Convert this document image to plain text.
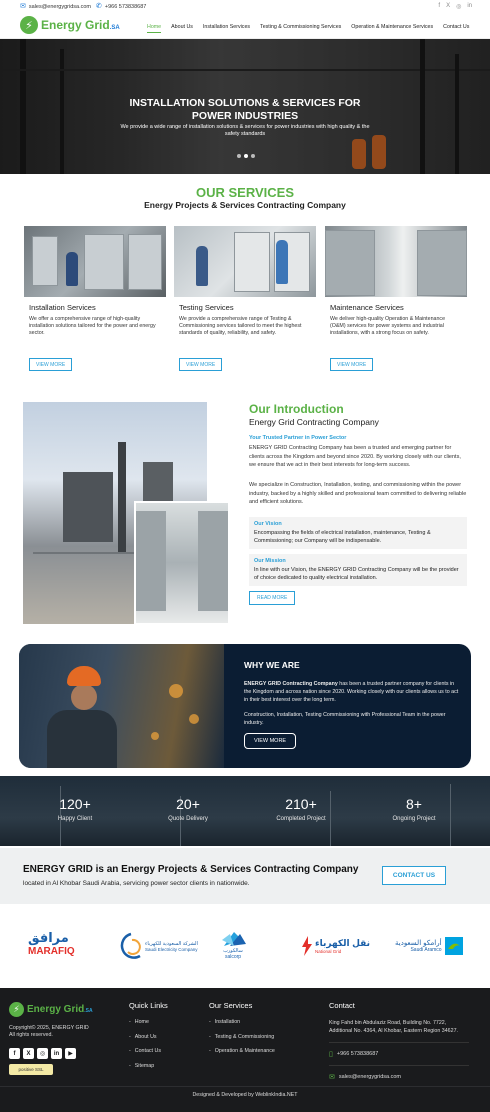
✉ sales@energygridsa.com ✆ +966 573838687	f X ◎ in
⚡ Energy Grid.SA	Home About Us Installation Services Testing & Commissioning Services Operation & Maintenance Services Contact Us
INSTALLATION SOLUTIONS & SERVICES FOR
POWER INDUSTRIES
We provide a wide range of installation solutions & services for power industries with high quality & the safety standards
OUR SERVICES
Energy Projects & Services Contracting Company
Installation Services
We offer a comprehensive range of high-quality installation solutions tailored for the power and energy sector.
VIEW MORE
Testing Services
We provide a comprehensive range of Testing & Commissioning services tailored to meet the highest standards of quality, reliability, and safety.
VIEW MORE
Maintenance Services
We deliver high-quality Operation & Maintenance (O&M) services for power systems and industrial installations, with a strong focus on safety.
VIEW MORE
Our Introduction
Energy Grid Contracting Company
Your Trusted Partner in Power Sector
ENERGY GRID Contracting Company has been a trusted and emerging partner for clients across the Kingdom and beyond since 2020. By working closely with our clients, we ensure that we act in their best interests for long-term success.
We specialize in Construction, Installation, testing, and commissioning within the power industry, backed by a highly skilled and professional team committed to delivering reliable and efficient solutions.
Our Vision
Encompassing the fields of electrical installation, maintenance, Testing & Commissioning; our Company will be indispensable.
Our Mission
In line with our Vision, the ENERGY GRID Contracting Company will be the provider of choice dedicated to quality electrical installation.
READ MORE
WHY WE ARE
ENERGY GRID Contracting Company has been a trusted partner company for clients in the Kingdom and across nation since 2020. Working closely with our clients allows us to act in their best interest over the long term.
Construction, Installation, Testing Commissioning with Professional Team in the power industry.
VIEW MORE
120+
Happy Client
20+
Quote Delivery
210+
Completed Project
8+
Ongoing Project
ENERGY GRID is an Energy Projects & Services Contracting Company
located in Al Khobar Saudi Arabia, servicing power sector clients in nationwide.
CONTACT US
مرافق
MARAFIQ
الشركة السعودية للكهرباء
Saudi Electricity Company	سالكورب
salcorp
نقل الكهرباء
National Grid
أرامكو السعودية
Saudi Aramco
⚡ Energy Grid.SA
Copyright© 2025, ENERGY GRID
All rights reserved.
f	X	◎	in	▶
positive SSL
Quick Links
- Home
- About Us
- Contact Us
- Sitemap
Our Services
- Installation
- Testing & Commissioning
- Operation & Maintenance
Contact
King Fahd bin Abdulaziz Road, Building No. 7722, Additional No. 4364, Al Khobar, Eastern Region 34627.
▯ +966 573838687
✉ sales@energygridsa.com
Designed & Developed by WeblinkIndia.NET
